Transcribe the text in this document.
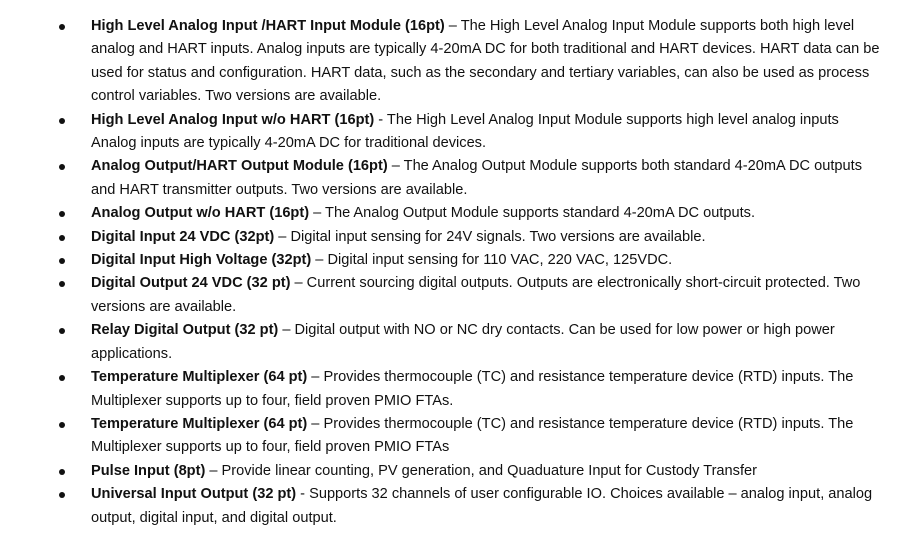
High Level Analog Input /HART Input Module (16pt) – The High Level Analog Input Module supports both high level analog and HART inputs. Analog inputs are typically 4-20mA DC for both traditional and HART devices. HART data can be used for status and configuration. HART data, such as the secondary and tertiary variables, can also be used as process control variables. Two versions are available.
High Level Analog Input w/o HART (16pt) - The High Level Analog Input Module supports high level analog inputs Analog inputs are typically 4-20mA DC for traditional devices.
Analog Output/HART Output Module (16pt) – The Analog Output Module supports both standard 4-20mA DC outputs and HART transmitter outputs. Two versions are available.
Analog Output w/o HART (16pt) – The Analog Output Module supports standard 4-20mA DC outputs.
Digital Input 24 VDC (32pt) – Digital input sensing for 24V signals. Two versions are available.
Digital Input High Voltage (32pt) – Digital input sensing for 110 VAC, 220 VAC, 125VDC.
Digital Output 24 VDC (32 pt) – Current sourcing digital outputs. Outputs are electronically short-circuit protected. Two versions are available.
Relay Digital Output (32 pt) – Digital output with NO or NC dry contacts. Can be used for low power or high power applications.
Temperature Multiplexer (64 pt) – Provides thermocouple (TC) and resistance temperature device (RTD) inputs. The Multiplexer supports up to four, field proven PMIO FTAs.
Temperature Multiplexer (64 pt) – Provides thermocouple (TC) and resistance temperature device (RTD) inputs. The Multiplexer supports up to four, field proven PMIO FTAs
Pulse Input (8pt) – Provide linear counting, PV generation, and Quaduature Input for Custody Transfer
Universal Input Output (32 pt) - Supports 32 channels of user configurable IO. Choices available – analog input, analog output, digital input, and digital output.
